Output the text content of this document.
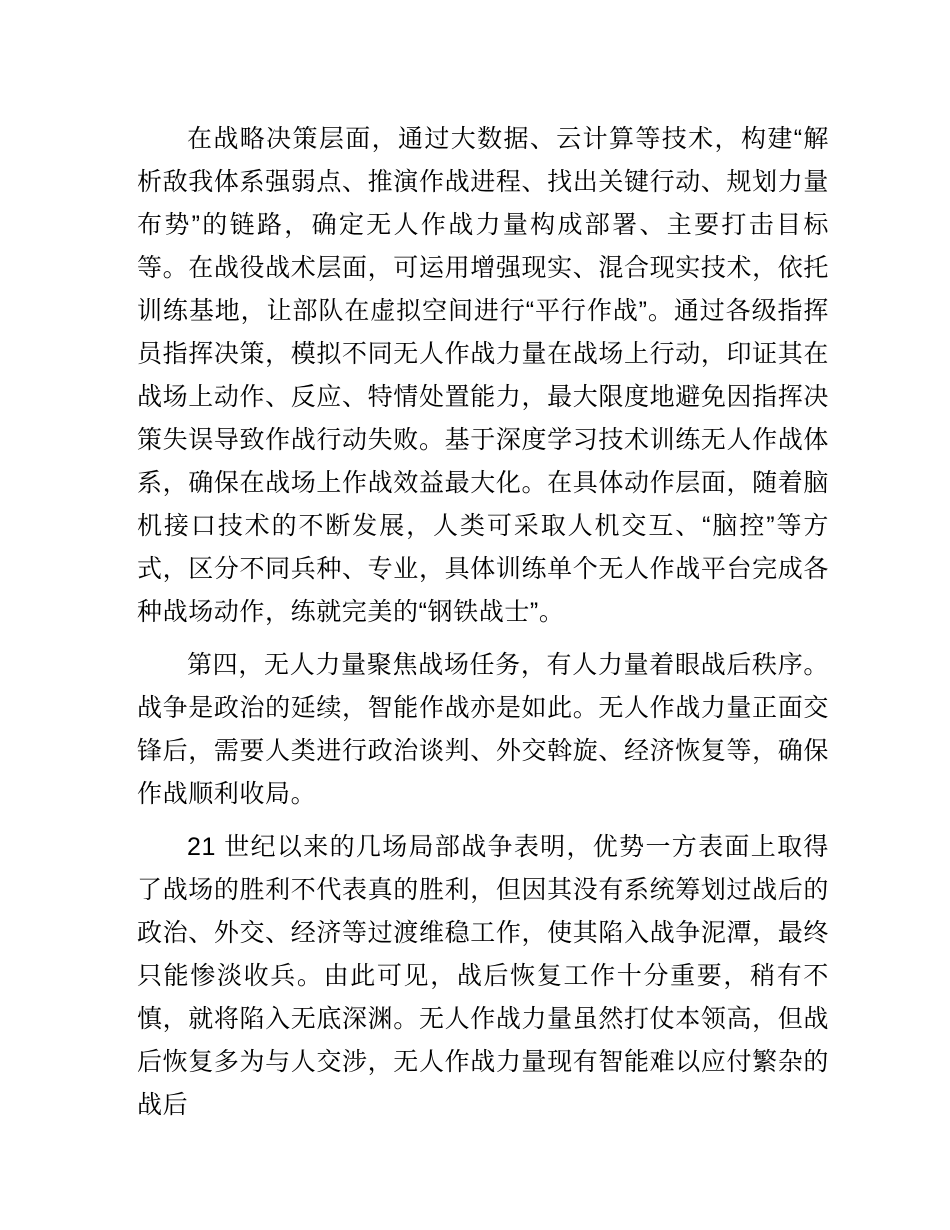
在战略决策层面，通过大数据、云计算等技术，构建“解析敌我体系强弱点、推演作战进程、找出关键行动、规划力量布势”的链路，确定无人作战力量构成部署、主要打击目标等。在战役战术层面，可运用增强现实、混合现实技术，依托训练基地，让部队在虚拟空间进行“平行作战”。通过各级指挥员指挥决策，模拟不同无人作战力量在战场上行动，印证其在战场上动作、反应、特情处置能力，最大限度地避免因指挥决策失误导致作战行动失败。基于深度学习技术训练无人作战体系，确保在战场上作战效益最大化。在具体动作层面，随着脑机接口技术的不断发展，人类可采取人机交互、“脑控”等方式，区分不同兵种、专业，具体训练单个无人作战平台完成各种战场动作，练就完美的“钢铁战士”。

第四，无人力量聚焦战场任务，有人力量着眼战后秩序。战争是政治的延续，智能作战亦是如此。无人作战力量正面交锋后，需要人类进行政治谈判、外交斡旋、经济恢复等，确保作战顺利收局。

21 世纪以来的几场局部战争表明，优势一方表面上取得了战场的胜利不代表真的胜利，但因其没有系统筹划过战后的政治、外交、经济等过渡维稳工作，使其陷入战争泥潭，最终只能惨淡收兵。由此可见，战后恢复工作十分重要，稍有不慎，就将陷入无底深渊。无人作战力量虽然打仗本领高，但战后恢复多为与人交涉，无人作战力量现有智能难以应付繁杂的战后
